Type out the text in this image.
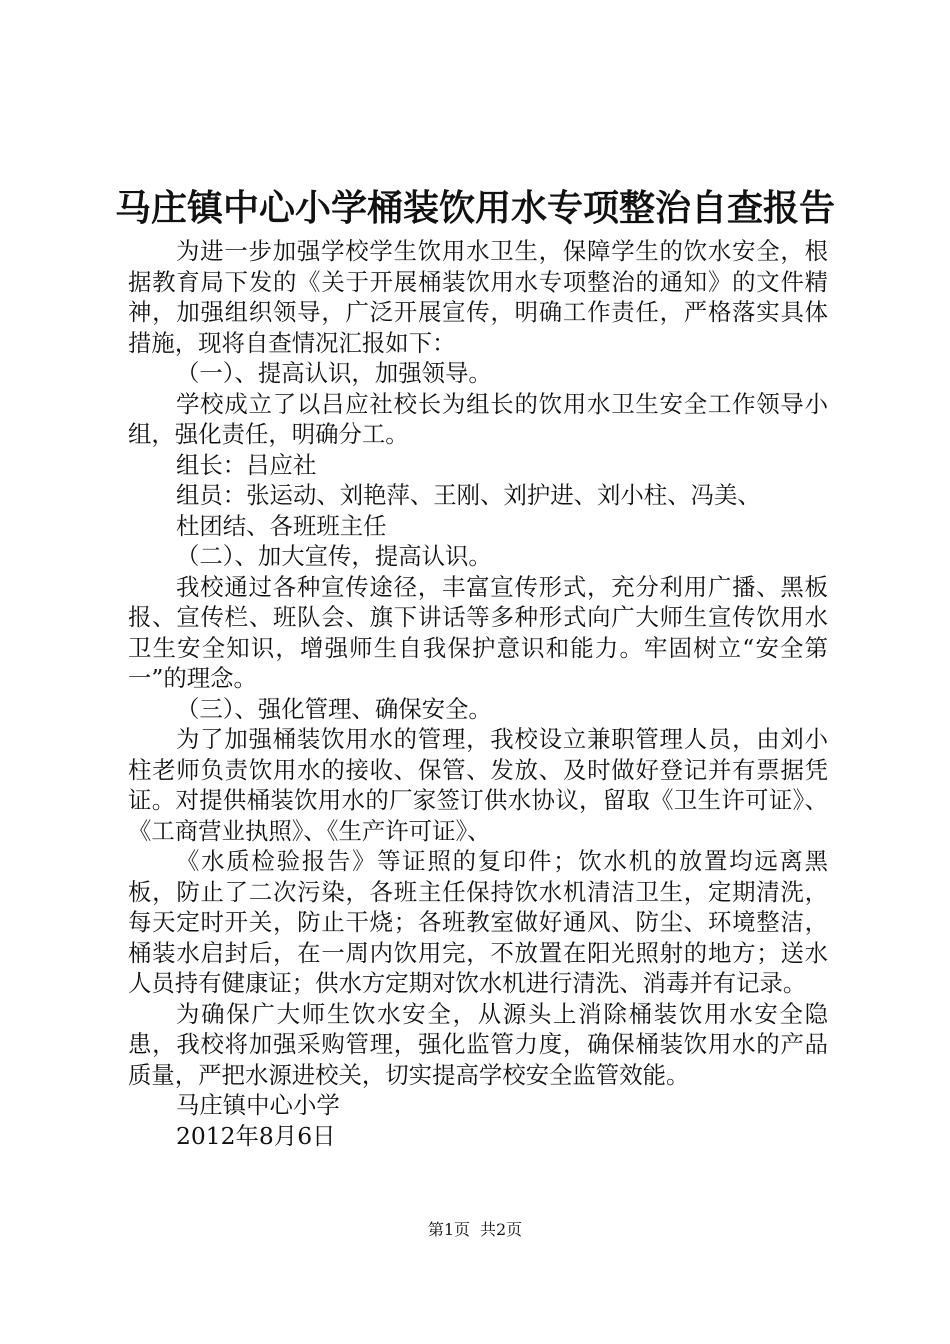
马庄镇中心小学桶装饮用水专项整治自查报告

为进一步加强学校学生饮用水卫生，保障学生的饮水安全，根据教育局下发的《关于开展桶装饮用水专项整治的通知》的文件精神，加强组织领导，广泛开展宣传，明确工作责任，严格落实具体措施，现将自查情况汇报如下：

（一）、提高认识，加强领导。

学校成立了以吕应社校长为组长的饮用水卫生安全工作领导小组，强化责任，明确分工。

组长：吕应社

组员：张运动、刘艳萍、王刚、刘护进、刘小柱、冯美、

杜团结、各班班主任

（二）、加大宣传，提高认识。

我校通过各种宣传途径，丰富宣传形式，充分利用广播、黑板报、宣传栏、班队会、旗下讲话等多种形式向广大师生宣传饮用水卫生安全知识，增强师生自我保护意识和能力。牢固树立“安全第一”的理念。

（三）、强化管理、确保安全。

为了加强桶装饮用水的管理，我校设立兼职管理人员，由刘小柱老师负责饮用水的接收、保管、发放、及时做好登记并有票据凭证。对提供桶装饮用水的厂家签订供水协议，留取《卫生许可证》、《工商营业执照》、《生产许可证》、

《水质检验报告》等证照的复印件；饮水机的放置均远离黑板，防止了二次污染，各班主任保持饮水机清洁卫生，定期清洗，每天定时开关，防止干烧；各班教室做好通风、防尘、环境整洁，桶装水启封后，在一周内饮用完，不放置在阳光照射的地方；送水人员持有健康证；供水方定期对饮水机进行清洗、消毒并有记录。

为确保广大师生饮水安全，从源头上消除桶装饮用水安全隐患，我校将加强采购管理，强化监管力度，确保桶装饮用水的产品质量，严把水源进校关，切实提高学校安全监管效能。

马庄镇中心小学

2012年8月6日

第1页 共2页
